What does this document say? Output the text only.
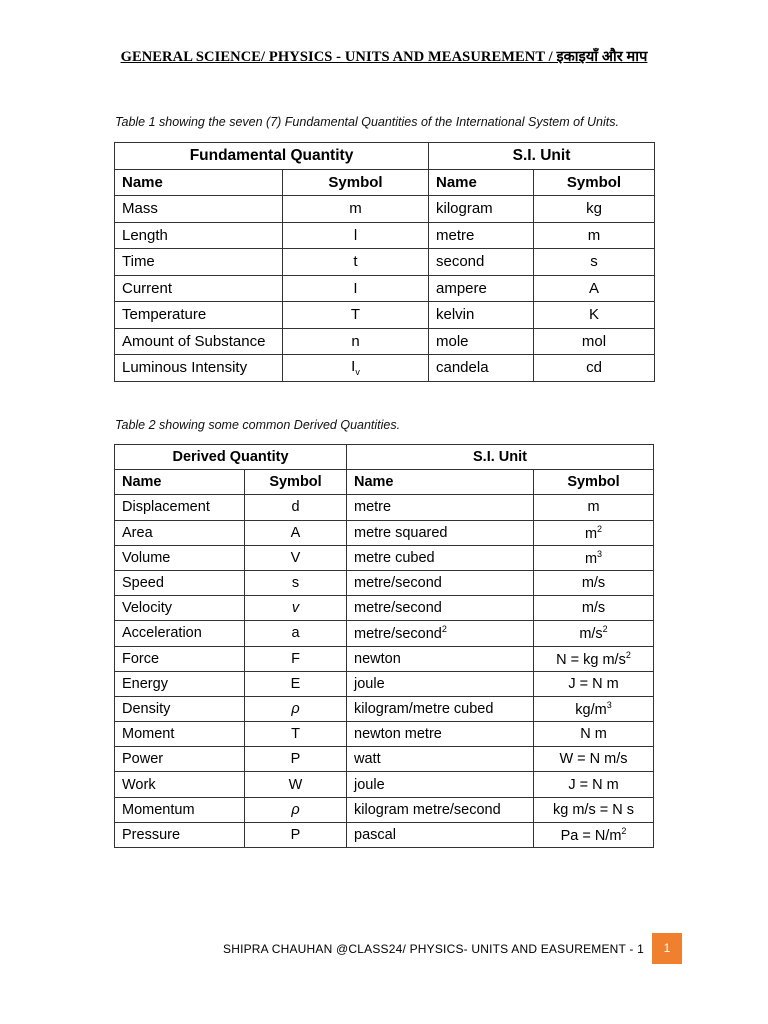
GENERAL SCIENCE/ PHYSICS - UNITS AND MEASUREMENT / इकाइयाँ और माप
Table 1 showing the seven (7) Fundamental Quantities of the International System of Units.
Fundamental Quantity		S.I. Unit	
Name	Symbol	Name	Symbol
Mass	m	kilogram	kg
Length	l	metre	m
Time	t	second	s
Current	I	ampere	A
Temperature	T	kelvin	K
Amount of Substance	n	mole	mol
Luminous Intensity	$I_v$	candela	cd
Table 2 showing some common Derived Quantities.
Derived Quantity		S.I. Unit	
Name	Symbol	Name	Symbol
Displacement	d	metre	m
Area	A	metre squared	$m^2$
Volume	V	metre cubed	$m^3$
Speed	s	metre/second	m/s
Velocity	v	metre/second	m/s
Acceleration	a	metre/second$^2$	$m/s^2$
Force	F	newton	N = kg $m/s^2$
Energy	E	joule	J = N m
Density	ρ	kilogram/metre cubed	$kg/m^3$
Moment	T	newton metre	N m
Power	P	watt	W = N m/s
Work	W	joule	J = N m
Momentum	ρ	kilogram metre/second	kg m/s = N s
Pressure	P	pascal	$Pa = N/m^2$
SHIPRA CHAUHAN @CLASS24/ PHYSICS- UNITS AND EASUREMENT - 1	1
